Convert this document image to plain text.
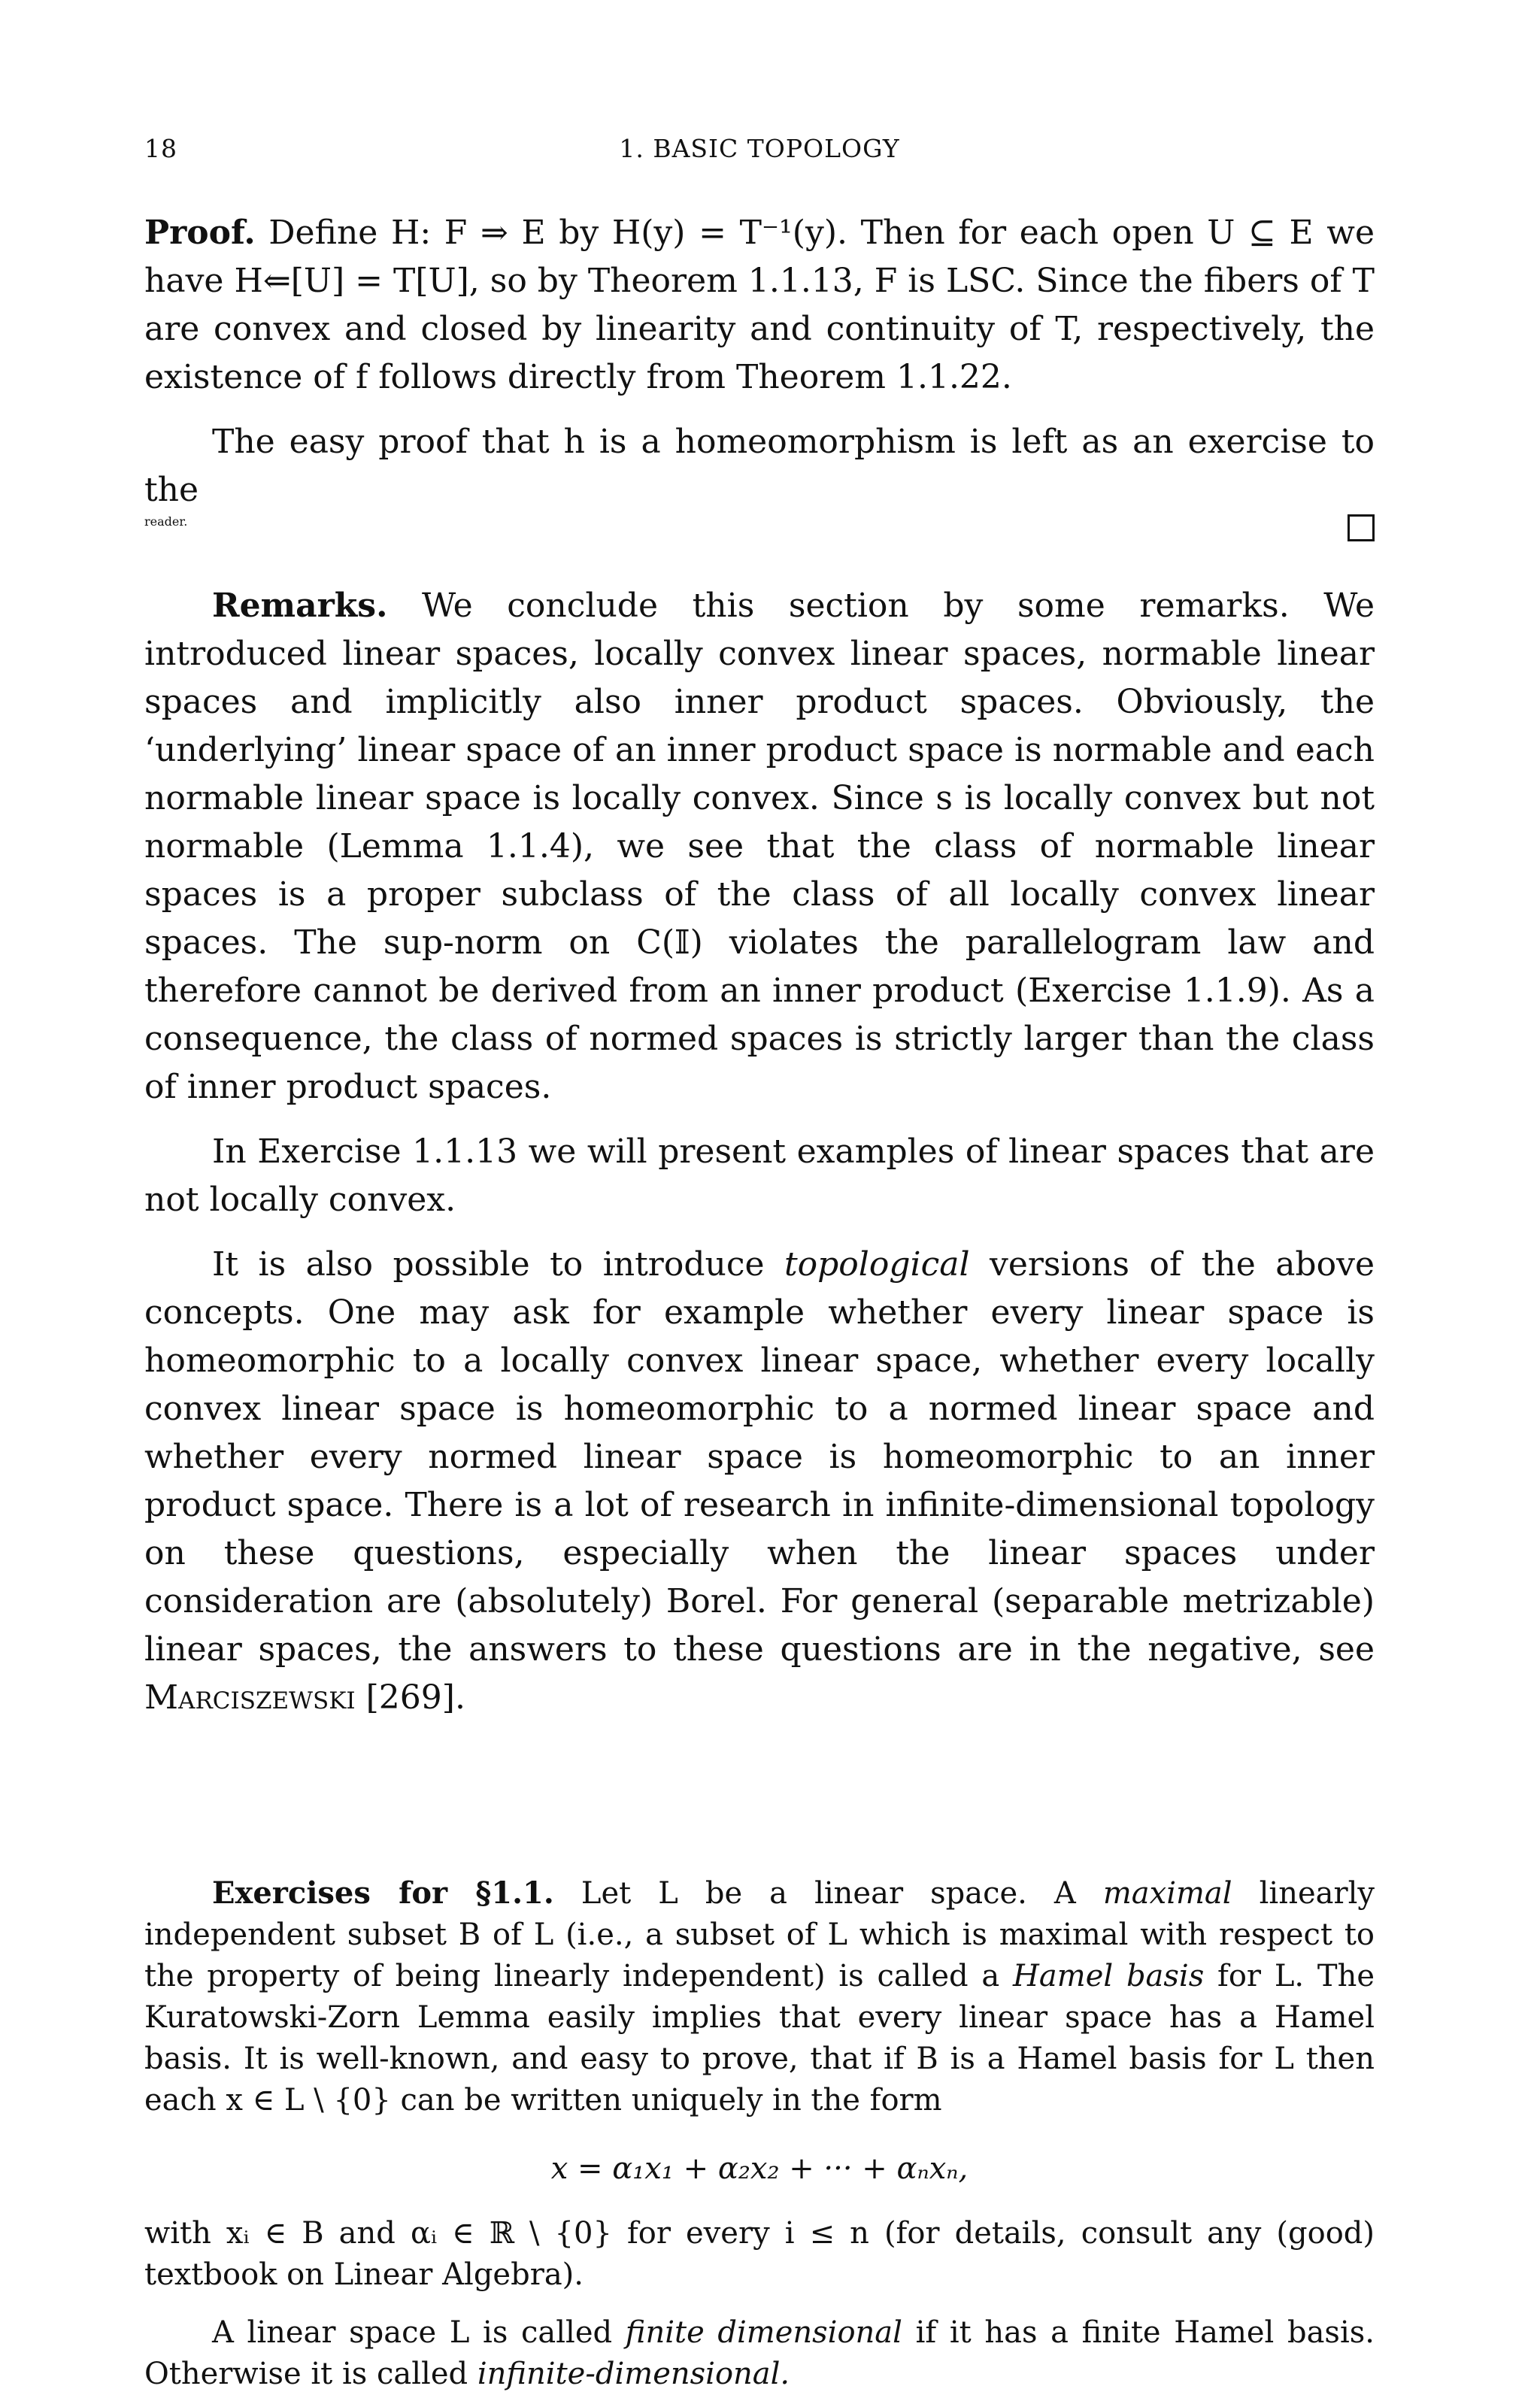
18	1. BASIC TOPOLOGY

Proof. Define H: F ⇒ E by H(y) = T⁻¹(y). Then for each open U ⊆ E we have H⇐[U] = T[U], so by Theorem 1.1.13, F is LSC. Since the fibers of T are convex and closed by linearity and continuity of T, respectively, the existence of f follows directly from Theorem 1.1.22.

The easy proof that h is a homeomorphism is left as an exercise to the

reader.

Remarks. We conclude this section by some remarks. We introduced linear spaces, locally convex linear spaces, normable linear spaces and implicitly also inner product spaces. Obviously, the ‘underlying’ linear space of an inner product space is normable and each normable linear space is locally convex. Since s is locally convex but not normable (Lemma 1.1.4), we see that the class of normable linear spaces is a proper subclass of the class of all locally convex linear spaces. The sup-norm on C(𝕀) violates the parallelogram law and therefore cannot be derived from an inner product (Exercise 1.1.9). As a consequence, the class of normed spaces is strictly larger than the class of inner product spaces.

In Exercise 1.1.13 we will present examples of linear spaces that are not locally convex.

It is also possible to introduce topological versions of the above concepts. One may ask for example whether every linear space is homeomorphic to a locally convex linear space, whether every locally convex linear space is homeomorphic to a normed linear space and whether every normed linear space is homeomorphic to an inner product space. There is a lot of research in infinite-dimensional topology on these questions, especially when the linear spaces under consideration are (absolutely) Borel. For general (separable metrizable) linear spaces, the answers to these questions are in the negative, see Marciszewski [269].

Exercises for §1.1. Let L be a linear space. A maximal linearly independent subset B of L (i.e., a subset of L which is maximal with respect to the property of being linearly independent) is called a Hamel basis for L. The Kuratowski-Zorn Lemma easily implies that every linear space has a Hamel basis. It is well-known, and easy to prove, that if B is a Hamel basis for L then each x ∈ L \ {0} can be written uniquely in the form

x = α₁x₁ + α₂x₂ + ··· + αₙxₙ,

with xᵢ ∈ B and αᵢ ∈ ℝ \ {0} for every i ≤ n (for details, consult any (good) textbook on Linear Algebra).

A linear space L is called finite dimensional if it has a finite Hamel basis. Otherwise it is called infinite-dimensional.
